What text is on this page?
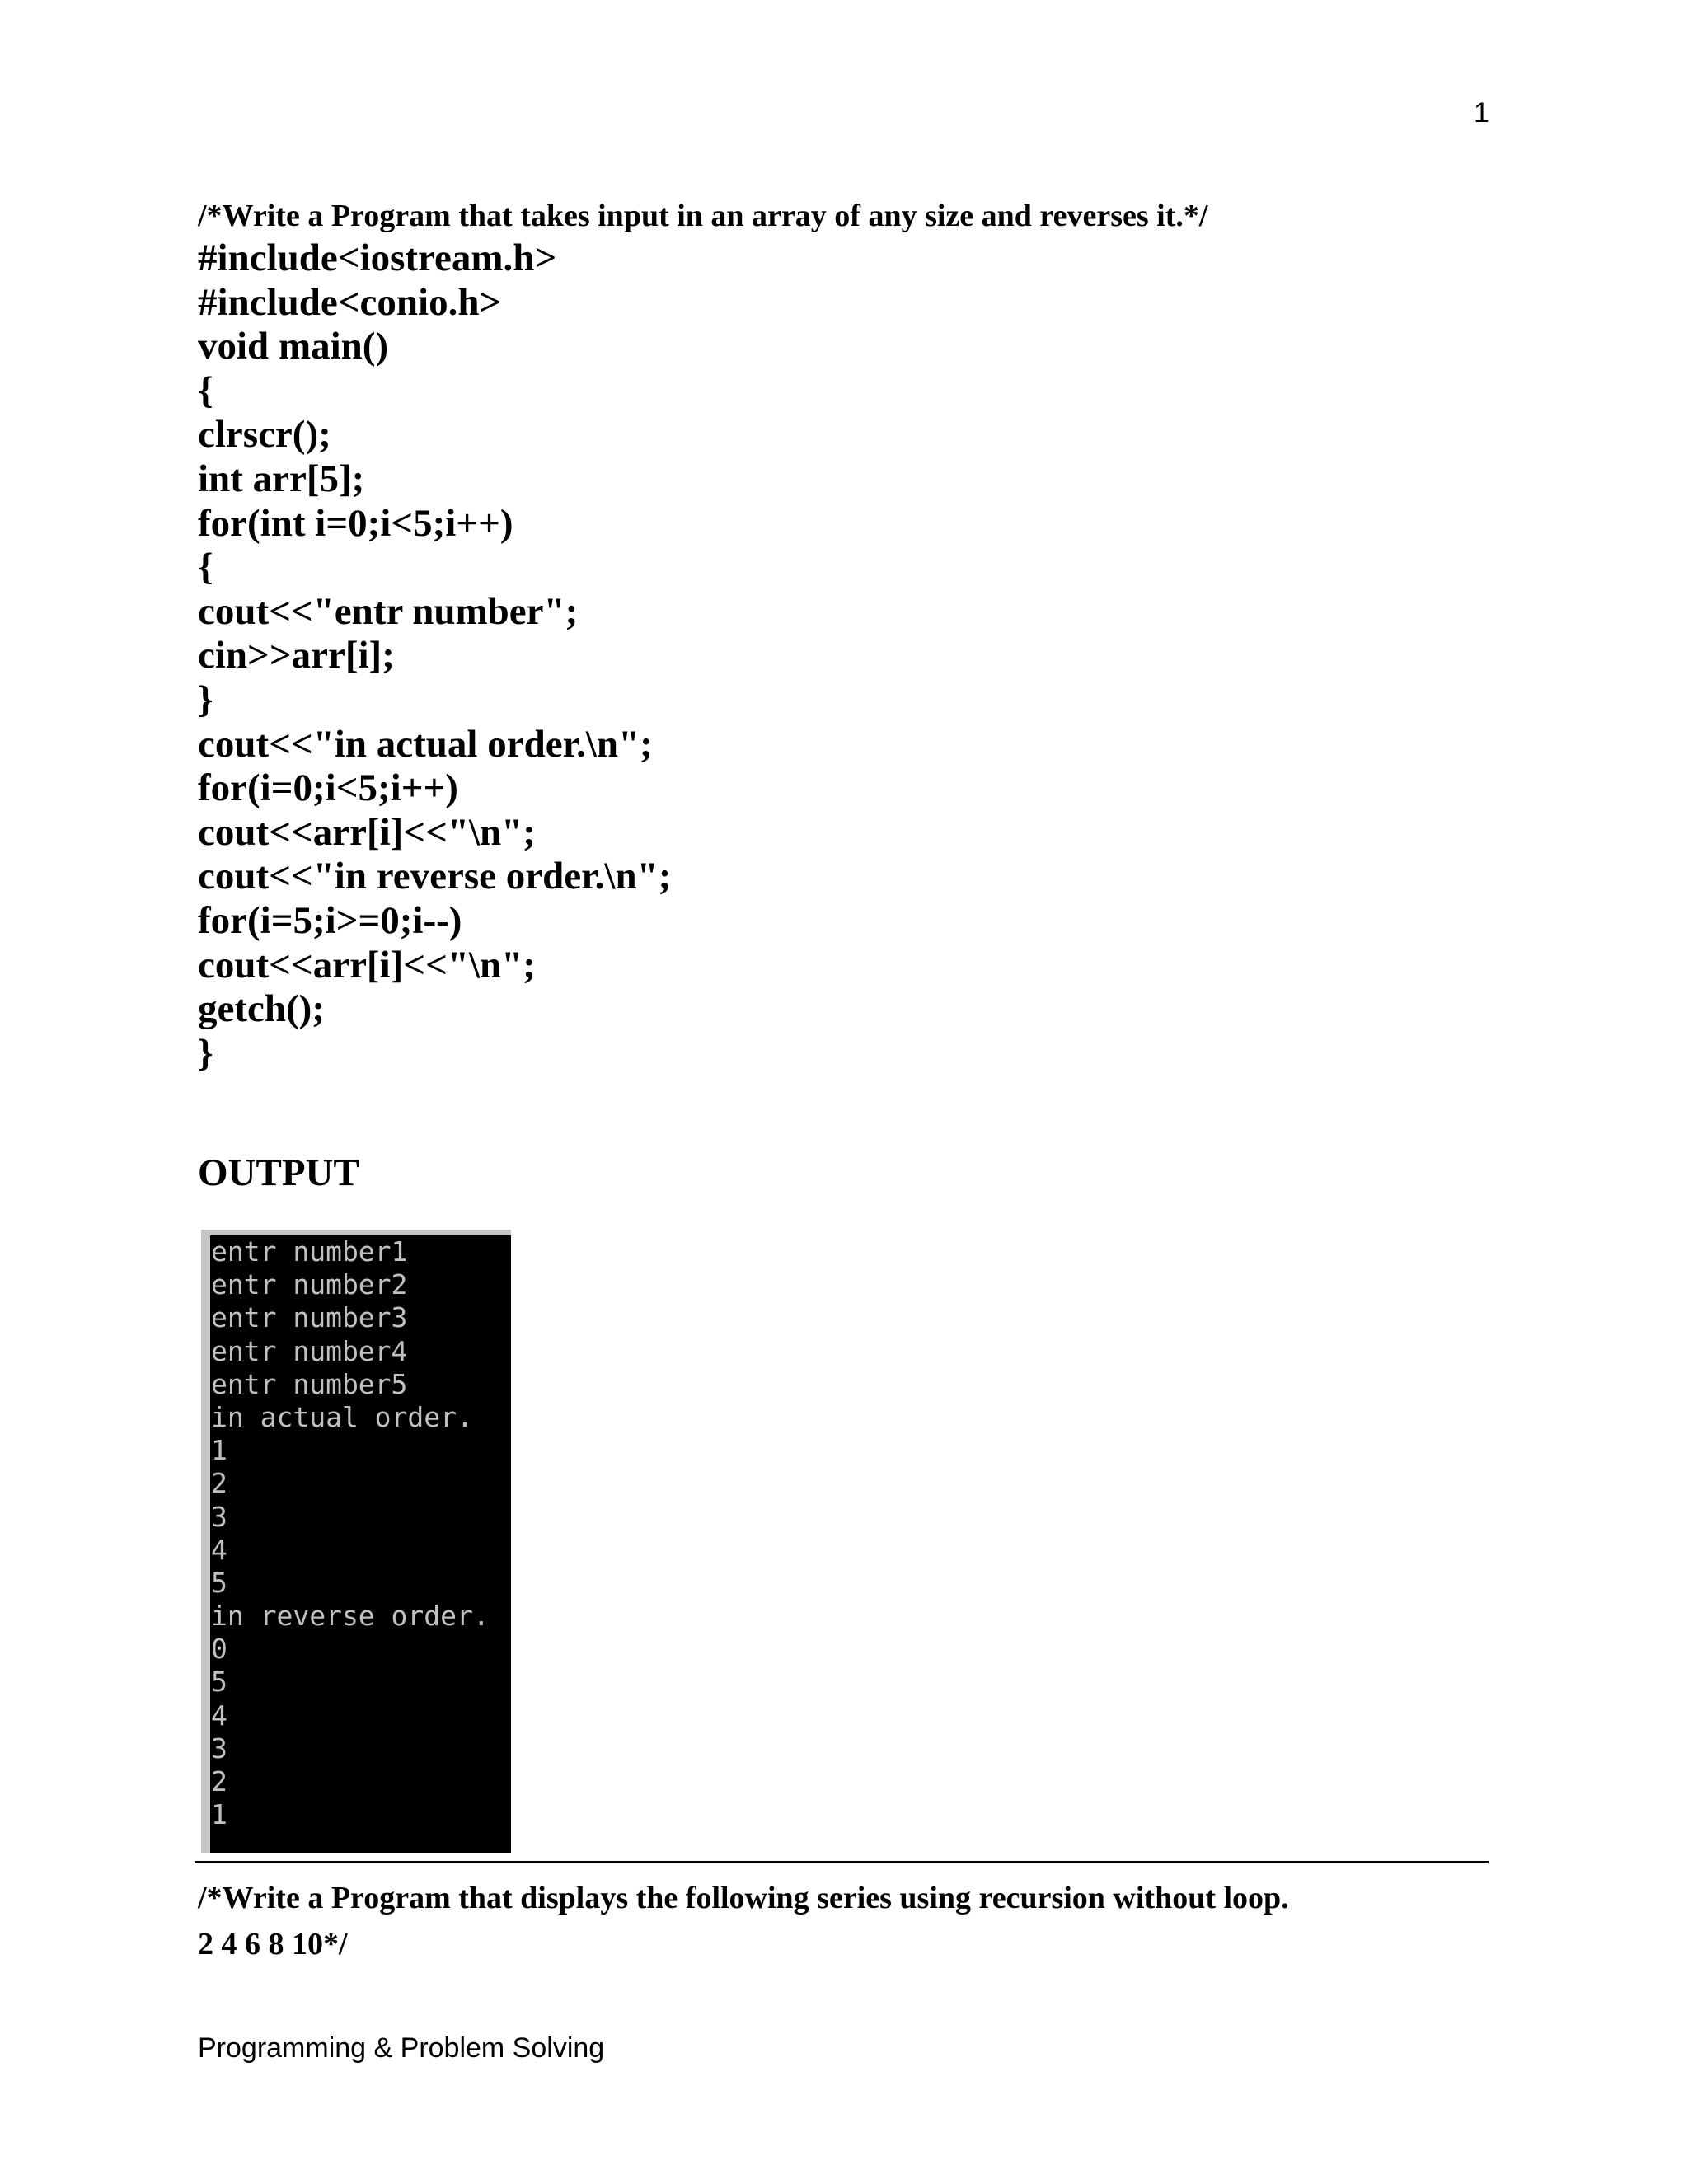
1
/*Write a Program that takes input in an array of any size and reverses it.*/
#include<iostream.h>
#include<conio.h>
void main()
{
clrscr();
int arr[5];
for(int i=0;i<5;i++)
{
cout<<"entr number";
cin>>arr[i];
}
cout<<"in actual order.\n";
for(i=0;i<5;i++)
cout<<arr[i]<<"\n";
cout<<"in reverse order.\n";
for(i=5;i>=0;i--)
cout<<arr[i]<<"\n";
getch();
}
OUTPUT
entr number1
entr number2
entr number3
entr number4
entr number5
in actual order.
1
2
3
4
5
in reverse order.
0
5
4
3
2
1
/*Write a Program that displays the following series using recursion without loop.
2 4 6 8 10*/
Programming & Problem Solving
